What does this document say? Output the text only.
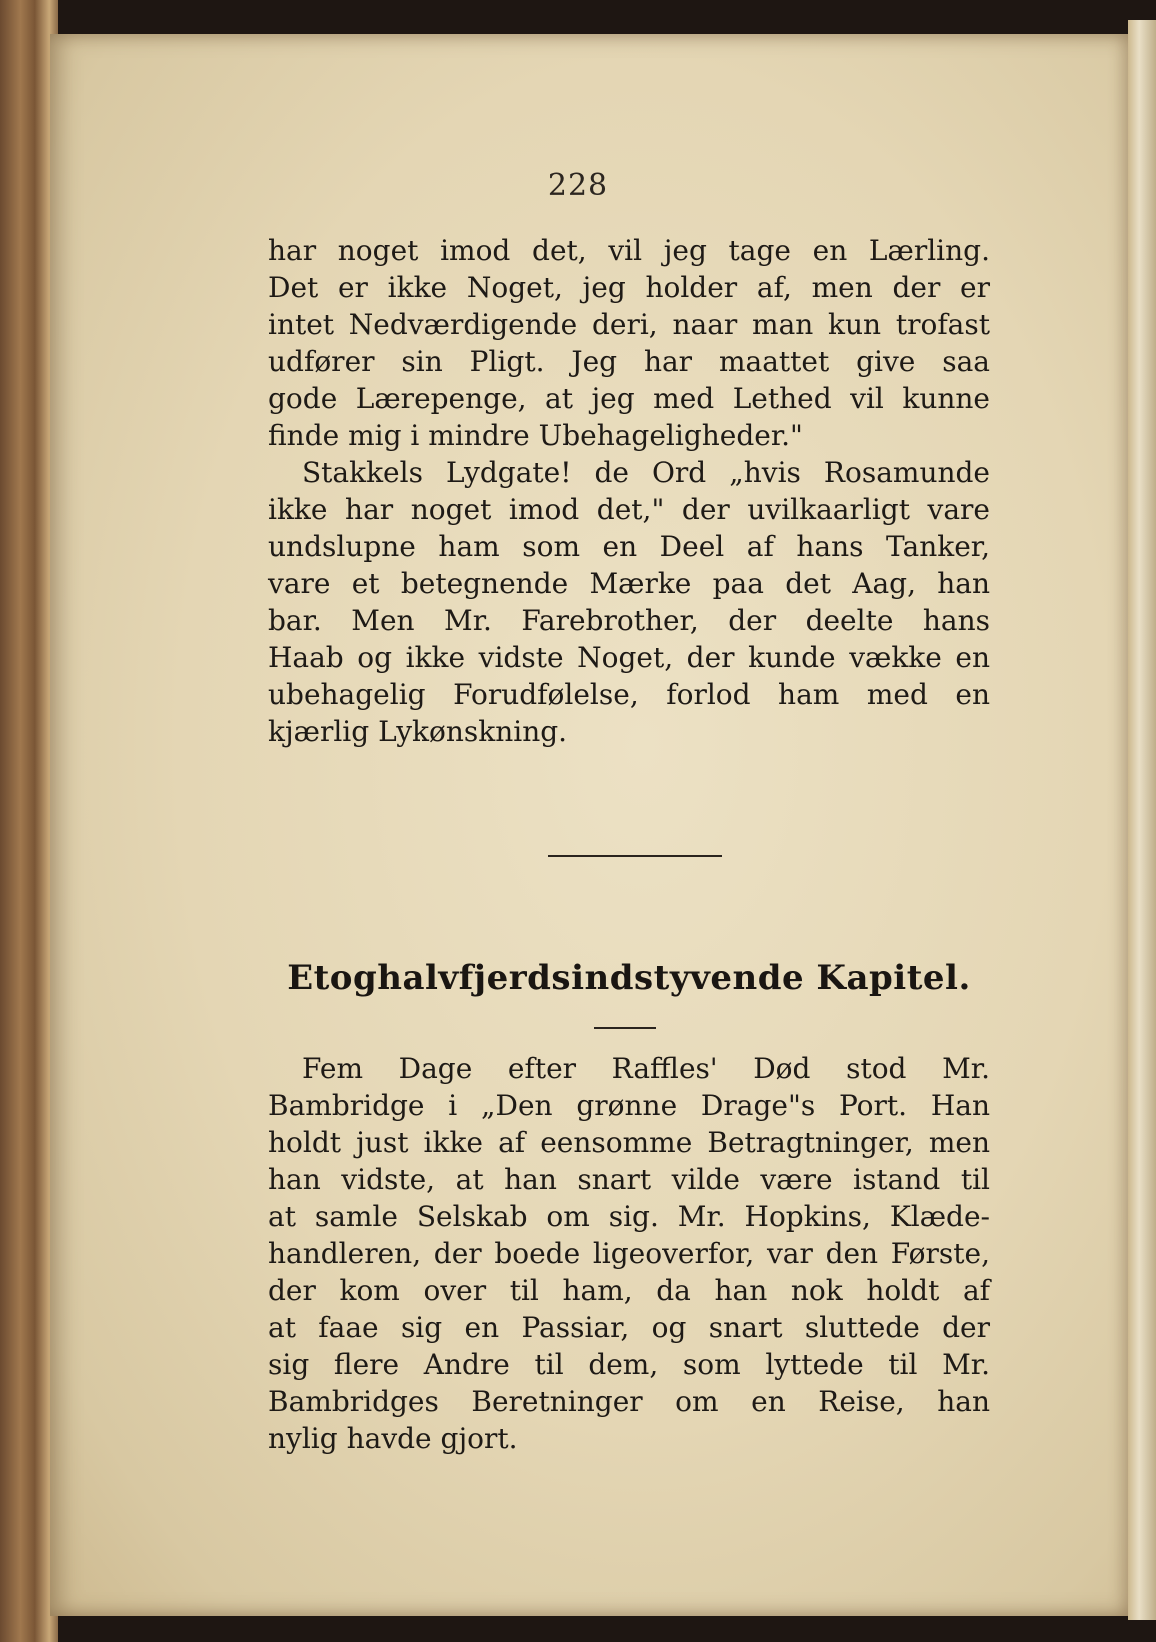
228
har noget imod det, vil jeg tage en Lærling.
Det er ikke Noget, jeg holder af, men der er
intet Nedværdigende deri, naar man kun trofast
udfører sin Pligt. Jeg har maattet give saa
gode Lærepenge, at jeg med Lethed vil kunne
finde mig i mindre Ubehageligheder."
Stakkels Lydgate! de Ord „hvis Rosamunde
ikke har noget imod det," der uvilkaarligt vare
undslupne ham som en Deel af hans Tanker,
vare et betegnende Mærke paa det Aag, han
bar. Men Mr. Farebrother, der deelte hans
Haab og ikke vidste Noget, der kunde vække en
ubehagelig Forudfølelse, forlod ham med en
kjærlig Lykønskning.
Etoghalvfjerdsindstyvende Kapitel.
Fem Dage efter Raffles' Død stod Mr.
Bambridge i „Den grønne Drage"s Port. Han
holdt just ikke af eensomme Betragtninger, men
han vidste, at han snart vilde være istand til
at samle Selskab om sig. Mr. Hopkins, Klæde-
handleren, der boede ligeoverfor, var den Første,
der kom over til ham, da han nok holdt af
at faae sig en Passiar, og snart sluttede der
sig flere Andre til dem, som lyttede til Mr.
Bambridges Beretninger om en Reise, han
nylig havde gjort.
